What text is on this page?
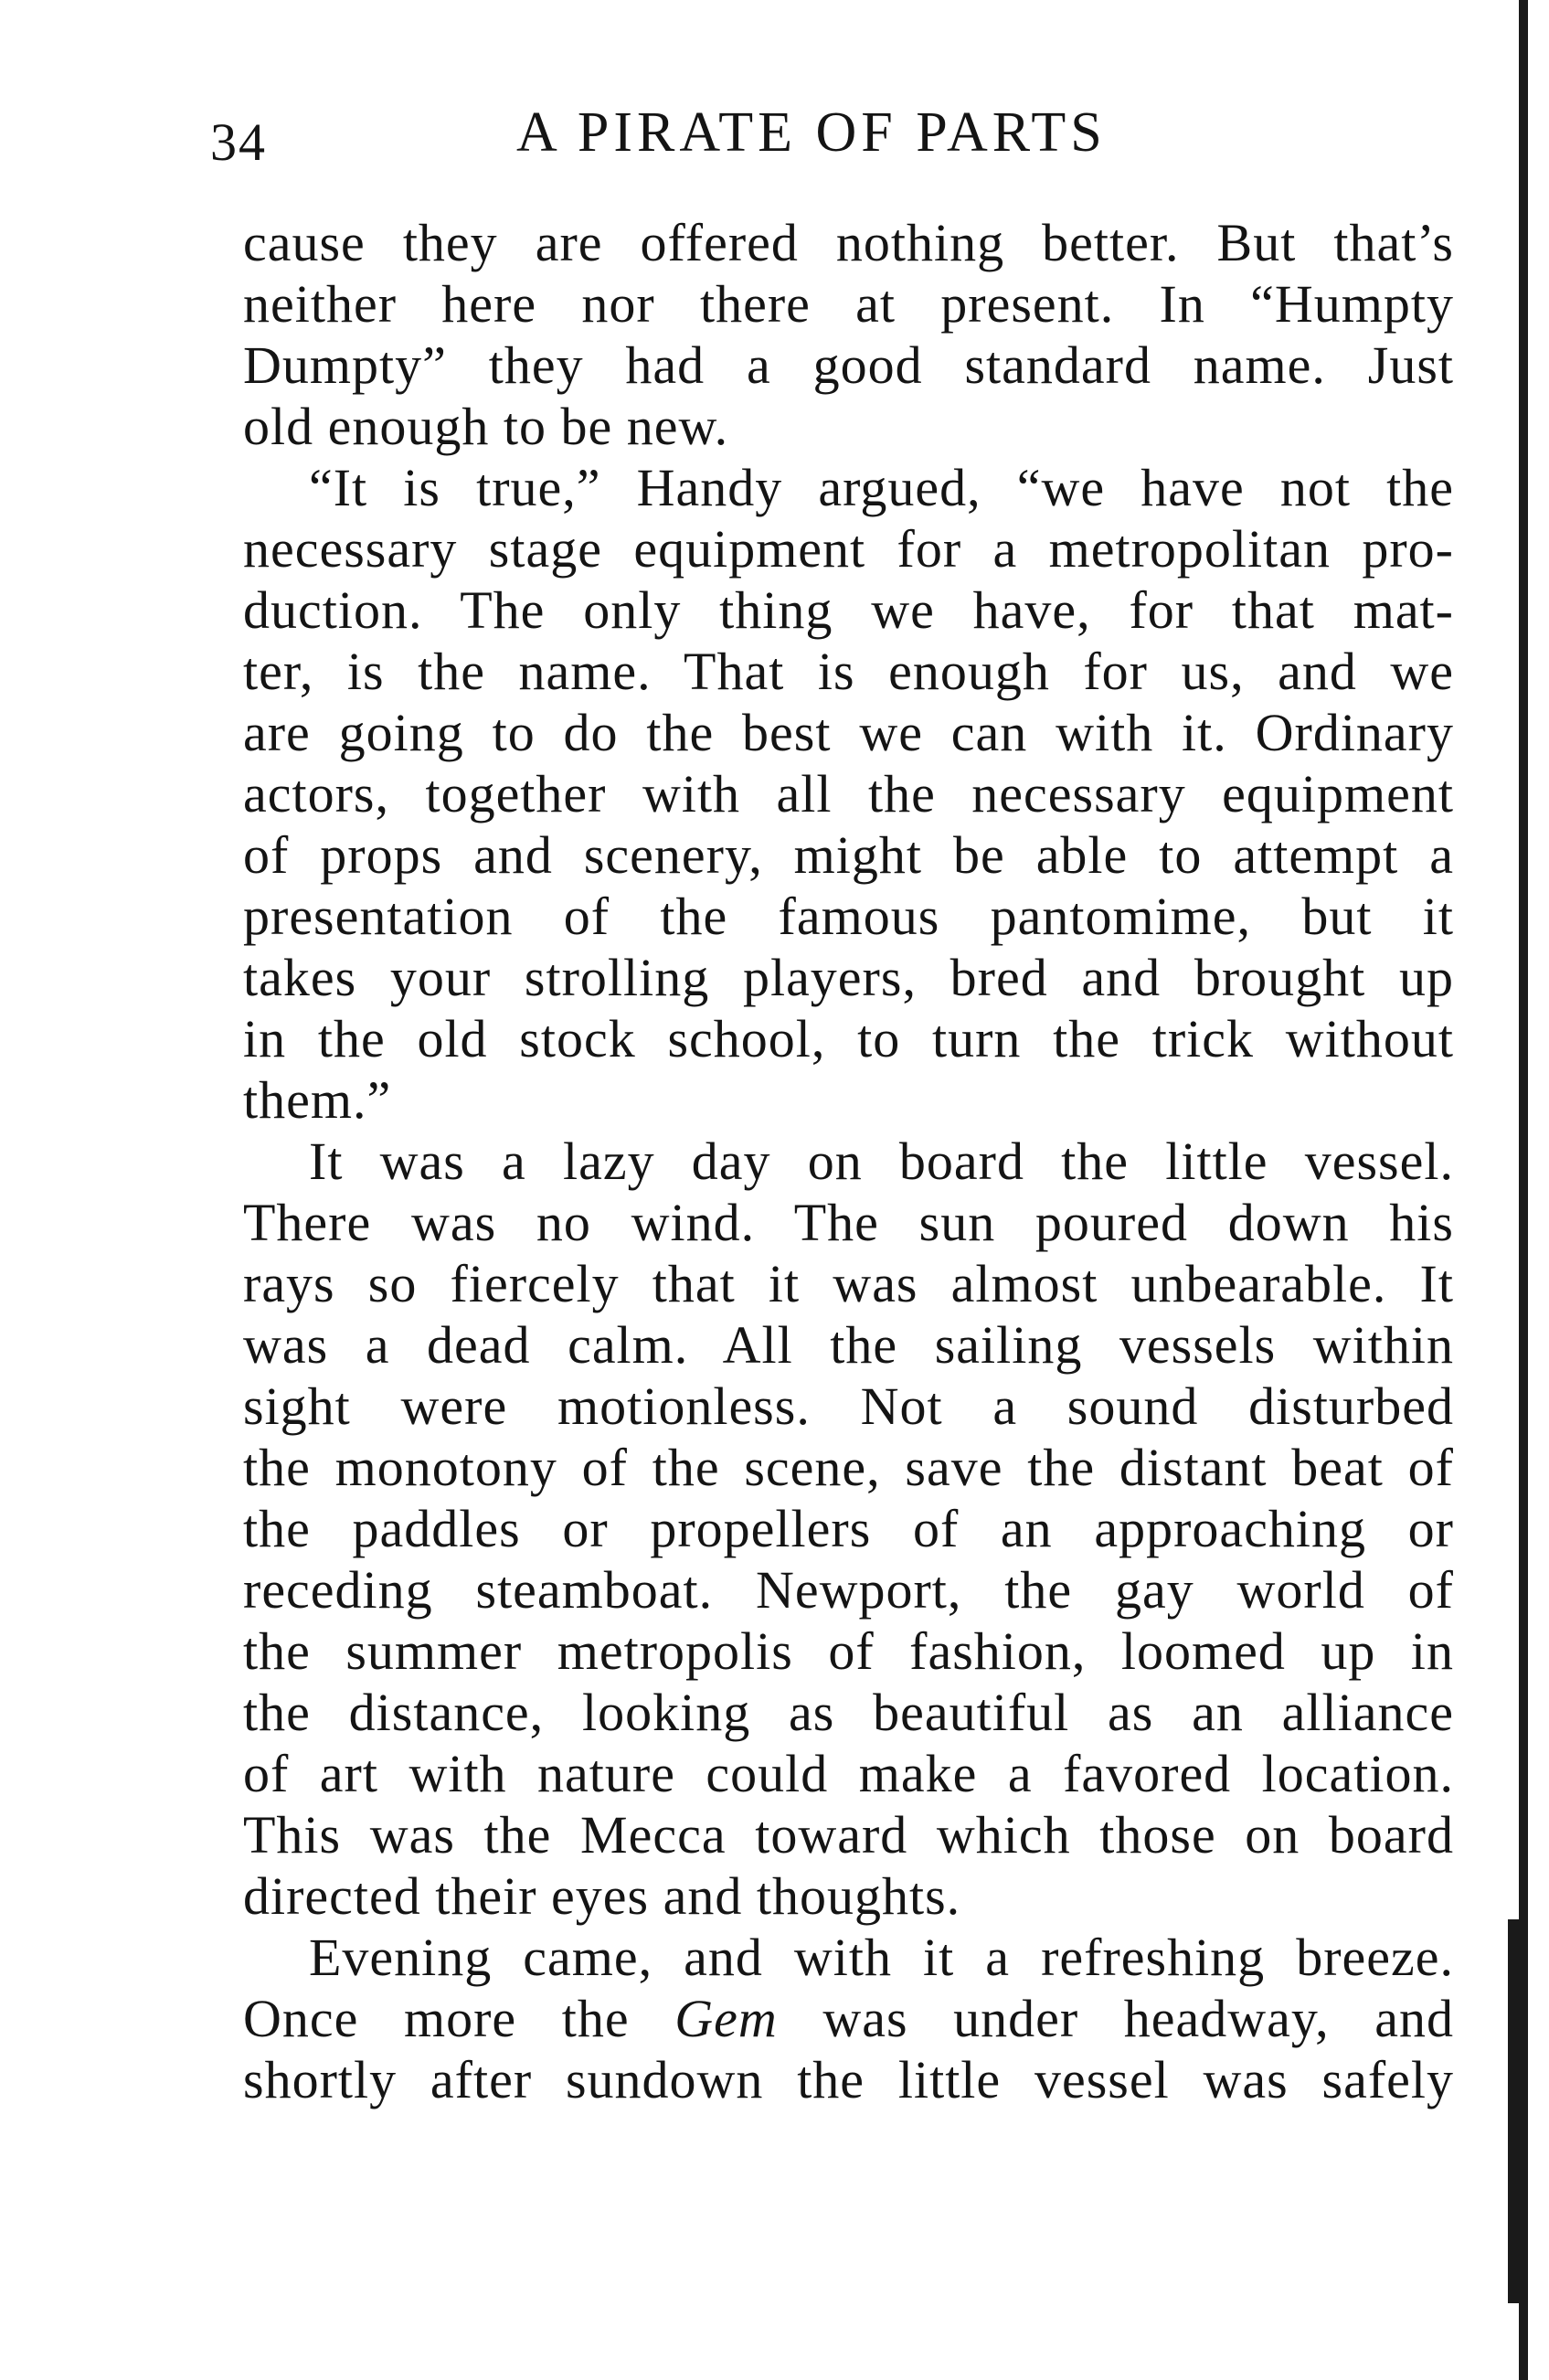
34	A PIRATE OF PARTS
cause they are offered nothing better. But that’s
neither here nor there at present. In “Humpty
Dumpty” they had a good standard name. Just
old enough to be new.
“It is true,” Handy argued, “we have not the
necessary stage equipment for a metropolitan pro-
duction. The only thing we have, for that mat-
ter, is the name. That is enough for us, and we
are going to do the best we can with it. Ordinary
actors, together with all the necessary equipment
of props and scenery, might be able to attempt a
presentation of the famous pantomime, but it
takes your strolling players, bred and brought up
in the old stock school, to turn the trick without
them.”
It was a lazy day on board the little vessel.
There was no wind. The sun poured down his
rays so fiercely that it was almost unbearable. It
was a dead calm. All the sailing vessels within
sight were motionless. Not a sound disturbed
the monotony of the scene, save the distant beat of
the paddles or propellers of an approaching or
receding steamboat. Newport, the gay world of
the summer metropolis of fashion, loomed up in
the distance, looking as beautiful as an alliance
of art with nature could make a favored location.
This was the Mecca toward which those on board
directed their eyes and thoughts.
Evening came, and with it a refreshing breeze.
Once more the Gem was under headway, and
shortly after sundown the little vessel was safely
